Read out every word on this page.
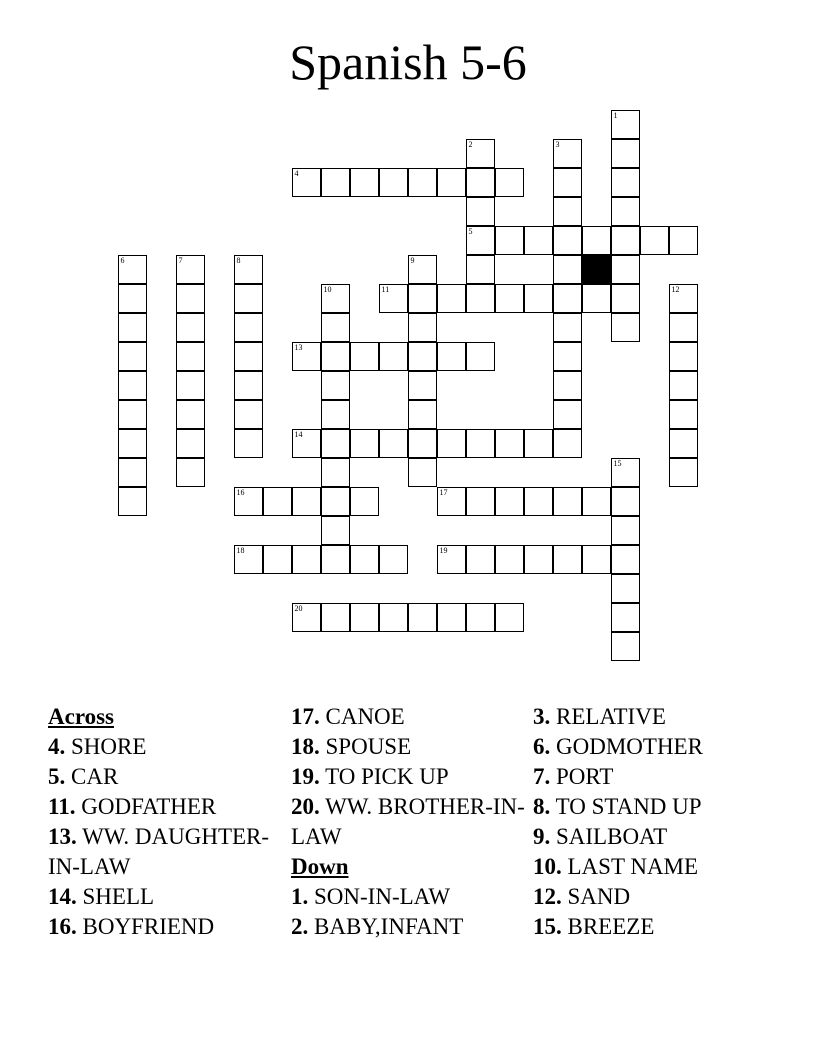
Spanish 5-6
1
2
5
3
4
6	7	8	9
10	11	12
13
14
15
16	17
18	19
20
Across
4. SHORE
5. CAR
11. GODFATHER
13. WW. DAUGHTER-IN-LAW
14. SHELL
16. BOYFRIEND
17. CANOE
18. SPOUSE
19. TO PICK UP
20. WW. BROTHER-IN-LAW
Down
1. SON-IN-LAW
2. BABY,INFANT
3. RELATIVE
6. GODMOTHER
7. PORT
8. TO STAND UP
9. SAILBOAT
10. LAST NAME
12. SAND
15. BREEZE
